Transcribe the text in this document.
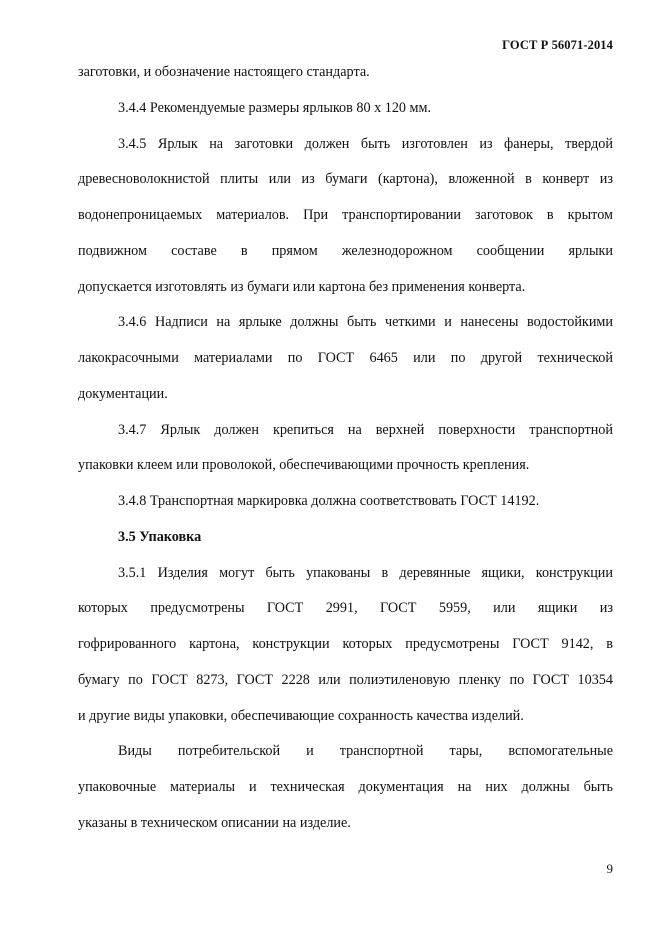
ГОСТ Р 56071-2014
заготовки, и обозначение настоящего стандарта.
3.4.4 Рекомендуемые размеры ярлыков 80 х 120 мм.
3.4.5 Ярлык на заготовки должен быть изготовлен из фанеры, твердой
древесноволокнистой плиты или из бумаги (картона), вложенной в конверт из
водонепроницаемых материалов. При транспортировании заготовок в крытом
подвижном составе в прямом железнодорожном сообщении ярлыки
допускается изготовлять из бумаги или картона без применения конверта.
3.4.6 Надписи на ярлыке должны быть четкими и нанесены водостойкими
лакокрасочными материалами по ГОСТ 6465 или по другой технической
документации.
3.4.7 Ярлык должен крепиться на верхней поверхности транспортной
упаковки клеем или проволокой, обеспечивающими прочность крепления.
3.4.8 Транспортная маркировка должна соответствовать ГОСТ 14192.
3.5 Упаковка
3.5.1 Изделия могут быть упакованы в деревянные ящики, конструкции
которых предусмотрены ГОСТ 2991, ГОСТ 5959, или ящики из
гофрированного картона, конструкции которых предусмотрены ГОСТ 9142, в
бумагу по ГОСТ 8273, ГОСТ 2228 или полиэтиленовую пленку по ГОСТ 10354
и другие виды упаковки, обеспечивающие сохранность качества изделий.
Виды потребительской и транспортной тары, вспомогательные
упаковочные материалы и техническая документация на них должны быть
указаны в техническом описании на изделие.
9
